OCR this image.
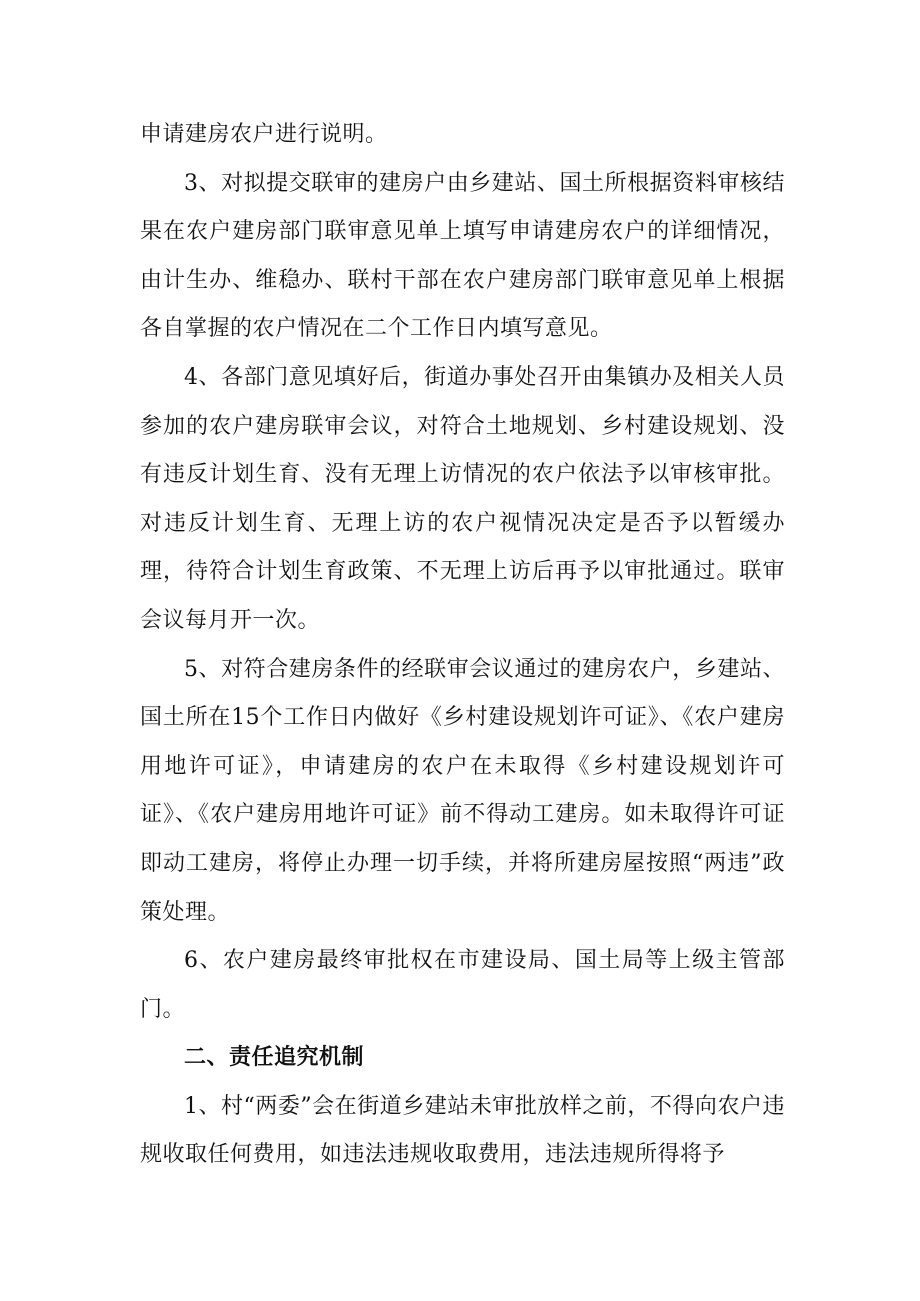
申请建房农户进行说明。

3、对拟提交联审的建房户由乡建站、国土所根据资料审核结果在农户建房部门联审意见单上填写申请建房农户的详细情况，由计生办、维稳办、联村干部在农户建房部门联审意见单上根据各自掌握的农户情况在二个工作日内填写意见。

4、各部门意见填好后，街道办事处召开由集镇办及相关人员参加的农户建房联审会议，对符合土地规划、乡村建设规划、没有违反计划生育、没有无理上访情况的农户依法予以审核审批。对违反计划生育、无理上访的农户视情况决定是否予以暂缓办理，待符合计划生育政策、不无理上访后再予以审批通过。联审会议每月开一次。

5、对符合建房条件的经联审会议通过的建房农户，乡建站、国土所在15个工作日内做好《乡村建设规划许可证》、《农户建房用地许可证》，申请建房的农户在未取得《乡村建设规划许可证》、《农户建房用地许可证》前不得动工建房。如未取得许可证即动工建房，将停止办理一切手续，并将所建房屋按照“两违”政策处理。

6、农户建房最终审批权在市建设局、国土局等上级主管部门。

二、责任追究机制

1、村“两委”会在街道乡建站未审批放样之前，不得向农户违规收取任何费用，如违法违规收取费用，违法违规所得将予
